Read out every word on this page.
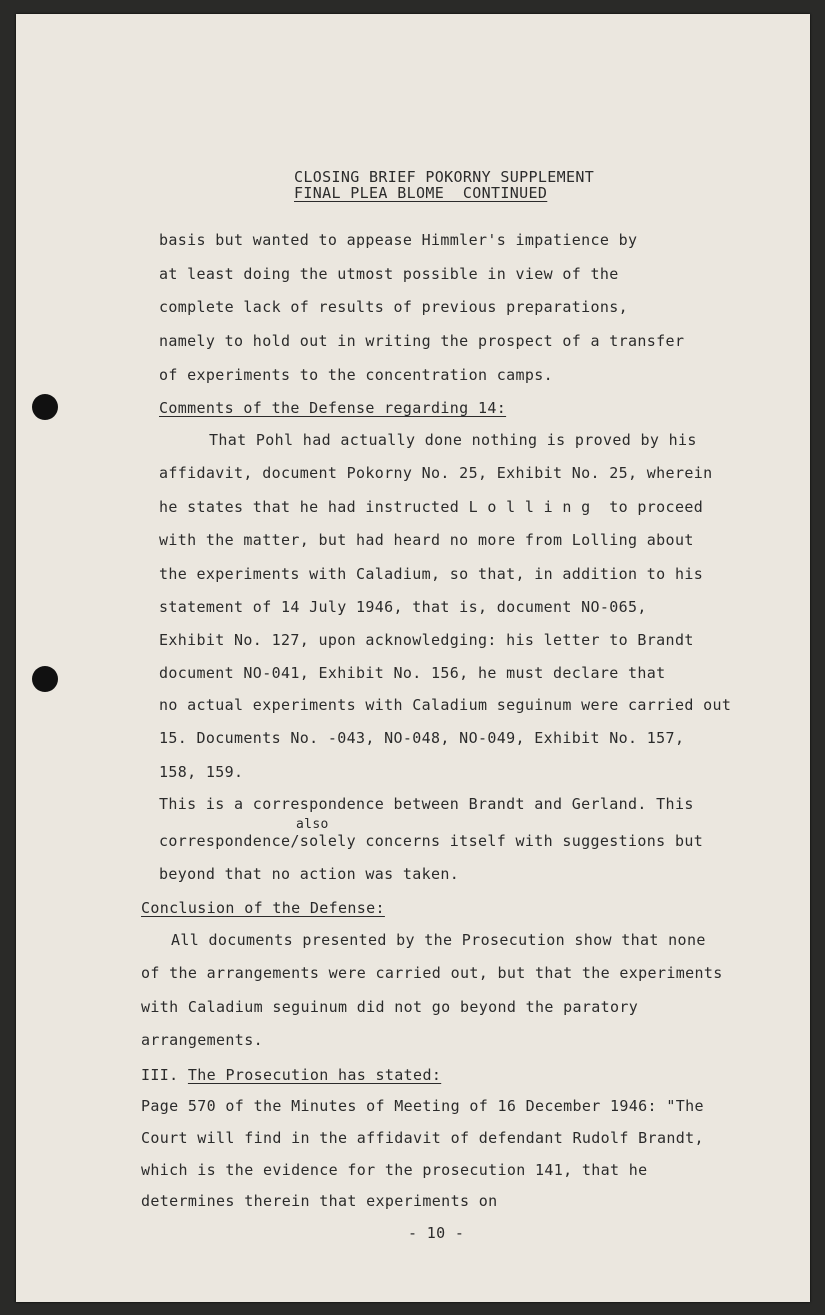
CLOSING BRIEF POKORNY SUPPLEMENT
FINAL PLEA BLOME  CONTINUED
basis but wanted to appease Himmler's impatience by
at least doing the utmost possible in view of the
complete lack of results of previous preparations,
namely to hold out in writing the prospect of a transfer
of experiments to the concentration camps.
Comments of the Defense regarding 14:
That Pohl had actually done nothing is proved by his
affidavit, document Pokorny No. 25, Exhibit No. 25, wherein
he states that he had instructed L o l l i n g  to proceed
with the matter, but had heard no more from Lolling about
the experiments with Caladium, so that, in addition to his
statement of 14 July 1946, that is, document NO-065,
Exhibit No. 127, upon acknowledging: his letter to Brandt
document NO-041, Exhibit No. 156, he must declare that
no actual experiments with Caladium seguinum were carried out
15. Documents No. -043, NO-048, NO-049, Exhibit No. 157,
158, 159.
This is a correspondence between Brandt and Gerland. This
also
correspondence/solely concerns itself with suggestions but
beyond that no action was taken.
Conclusion of the Defense:
All documents presented by the Prosecution show that none
of the arrangements were carried out, but that the experiments
with Caladium seguinum did not go beyond the paratory
arrangements.
III. The Prosecution has stated:
Page 570 of the Minutes of Meeting of 16 December 1946: "The
Court will find in the affidavit of defendant Rudolf Brandt,
which is the evidence for the prosecution 141, that he
determines therein that experiments on
- 10 -
